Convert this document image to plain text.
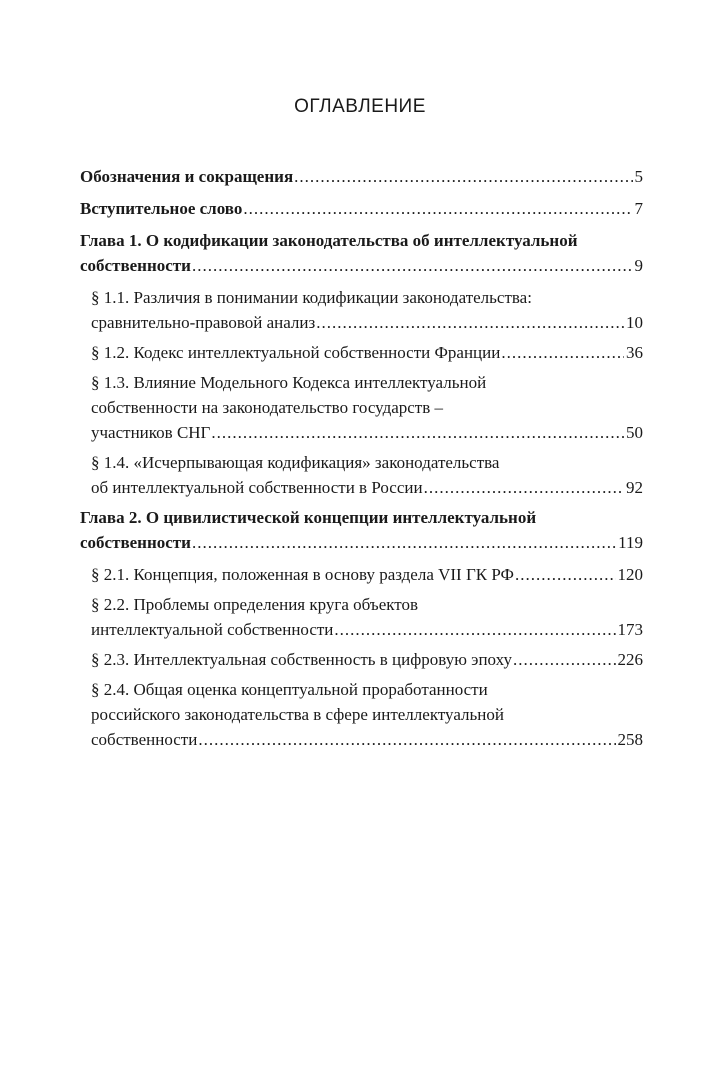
ОГЛАВЛЕНИЕ
Обозначения и сокращения .....	5
Вступительное слово .....	7
Глава 1. О кодификации законодательства об интеллектуальной
собственности .....	9
§ 1.1. Различия в понимании кодификации законодательства:
сравнительно-правовой анализ .....	10
§ 1.2. Кодекс интеллектуальной собственности Франции .....	36
§ 1.3. Влияние Модельного Кодекса интеллектуальной
собственности на законодательство государств –
участников СНГ .....	50
§ 1.4. «Исчерпывающая кодификация» законодательства
об интеллектуальной собственности в России .....	92
Глава 2. О цивилистической концепции интеллектуальной
собственности .....	119
§ 2.1. Концепция, положенная в основу раздела VII ГК РФ .....	120
§ 2.2. Проблемы определения круга объектов
интеллектуальной собственности .....	173
§ 2.3. Интеллектуальная собственность в цифровую эпоху .....	226
§ 2.4. Общая оценка концептуальной проработанности
российского законодательства в сфере интеллектуальной
собственности .....	258
